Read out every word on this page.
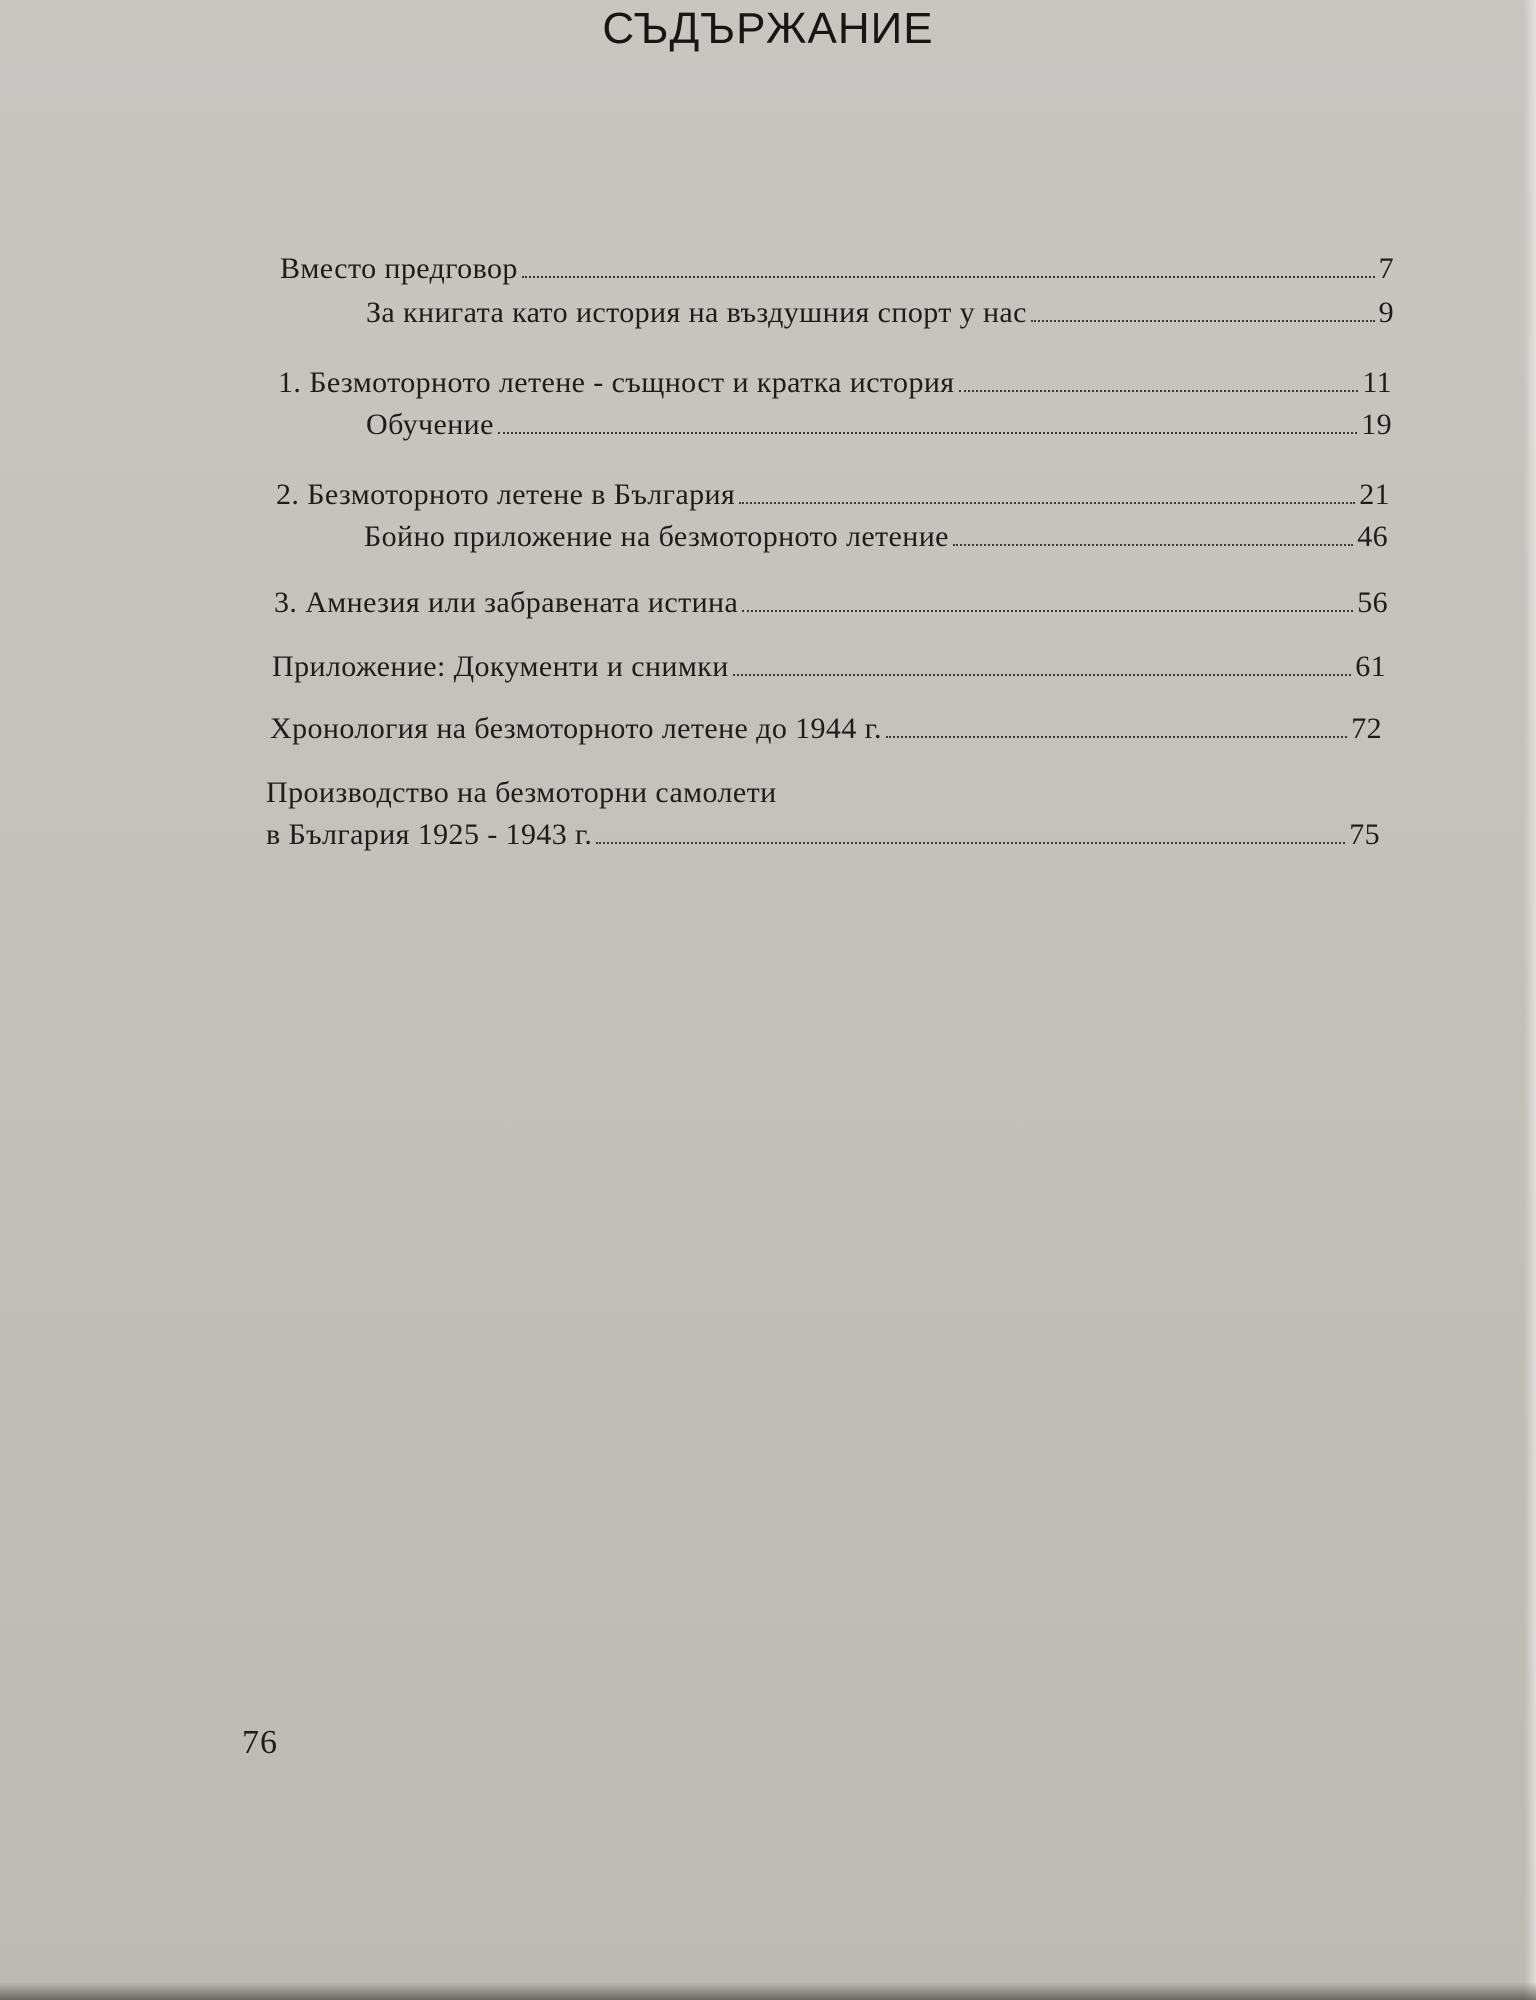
СЪДЪРЖАНИЕ
Вместо предговор	7
За книгата като история на въздушния спорт у нас	9
1. Безмоторното летене - същност и кратка история	11
Обучение	19
2. Безмоторното летене в България	21
Бойно приложение на безмоторното летение	46
3. Амнезия или забравената истина	56
Приложение: Документи и снимки	61
Хронология на безмоторното летене до 1944 г.	72
Производство на безмоторни самолети
в България 1925 - 1943 г.	75
76
